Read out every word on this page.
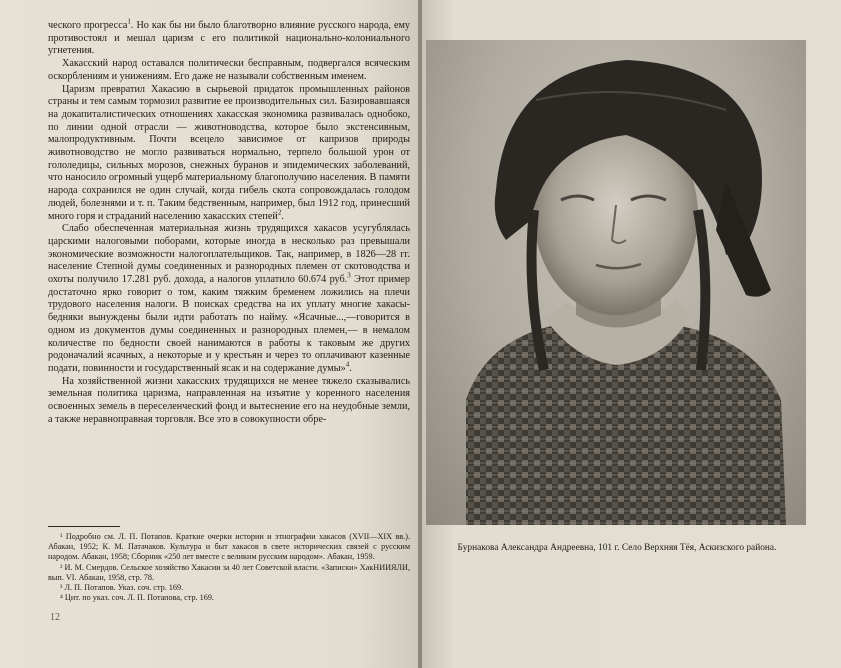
ческого прогресса$^1$. Но как бы ни было благотворно влияние русского народа, ему противостоял и мешал царизм с его политикой национально-колониального угнетения.

Хакасский народ оставался политически бесправным, подвергался всяческим оскорблениям и унижениям. Его даже не называли собственным именем.

Царизм превратил Хакасию в сырьевой придаток промышленных районов страны и тем самым тормозил развитие ее производительных сил. Базировавшаяся на докапиталистических отношениях хакасская экономика развивалась однобоко, по линии одной отрасли — животноводства, которое было экстенсивным, малопродуктивным. Почти всецело зависимое от капризов природы животноводство не могло развиваться нормально, терпело большой урон от гололедицы, сильных морозов, снежных буранов и эпидемических заболеваний, что наносило огромный ущерб материальному благополучию населения. В памяти народа сохранился не один случай, когда гибель скота сопровождалась голодом людей, болезнями и т. п. Таким бедственным, например, был 1912 год, принесший много горя и страданий населению хакасских степей$^2$.

Слабо обеспеченная материальная жизнь трудящихся хакасов усугублялась царскими налоговыми поборами, которые иногда в несколько раз превышали экономические возможности налогоплательщиков. Так, например, в 1826—28 гг. население Степной думы соединенных и разнородных племен от скотоводства и охоты получило 17.281 руб. дохода, а налогов уплатило 60.674 руб.$^3$ Этот пример достаточно ярко говорит о том, каким тяжким бременем ложились на плечи трудового населения налоги. В поисках средства на их уплату многие хакасы-бедняки вынуждены были идти работать по найму. «Ясачные...,—говорится в одном из документов думы соединенных и разнородных племен,— в немалом количестве по бедности своей нанимаются в работы к таковым же других родоначалий ясачных, а некоторые и у крестьян и через то оплачивают казенные подати, повинности и государственный ясак и на содержание думы»$^4$.

На хозяйственной жизни хакасских трудящихся не менее тяжело сказывались земельная политика царизма, направленная на изъятие у коренного населения освоенных земель в переселенческий фонд и вытеснение его на неудобные земли, а также неравноправная торговля. Все это в совокупности обре-

¹ Подробно см. Л. П. Потапов. Краткие очерки истории и этнографии хакасов (XVII—XIX вв.). Абакан, 1952; К. М. Патачаков. Культура и быт хакасов в свете исторических связей с русским народом. Абакан, 1958; Сборник «250 лет вместе с великим русским народом». Абакан, 1959.

² И. М. Смердов. Сельское хозяйство Хакасии за 40 лет Советской власти. «Записки» ХакНИИЯЛИ, вып. VI. Абакан, 1958, стр. 78.

³ Л. П. Потапов. Указ. соч. стр. 169.

⁴ Цит. по указ. соч. Л. П. Потапова, стр. 169.

12
Бурнакова Александра Андреевна, 101 г. Село Верхняя Тёя, Аскизского района.
